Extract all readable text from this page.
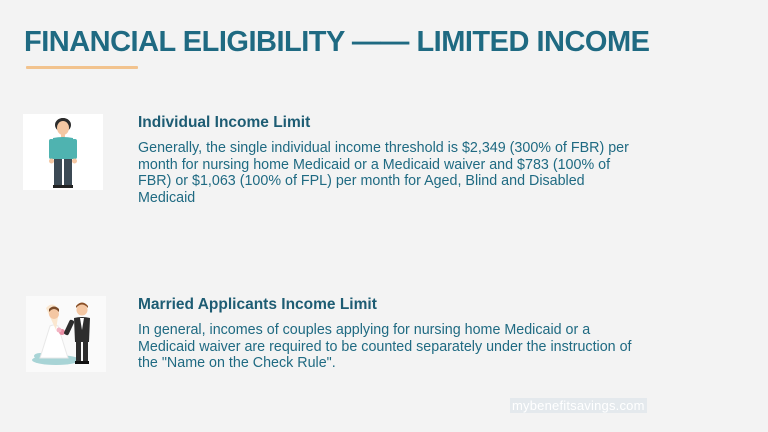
FINANCIAL ELIGIBILITY —— LIMITED INCOME
Individual Income Limit

Generally, the single individual income threshold is $2,349 (300% of FBR) per month for nursing home Medicaid or a Medicaid waiver and $783 (100% of FBR) or $1,063 (100% of FPL) per month for Aged, Blind and Disabled Medicaid

Married Applicants Income Limit

In general, incomes of couples applying for nursing home Medicaid or a Medicaid waiver are required to be counted separately under the instruction of the "Name on the Check Rule".

mybenefitsavings.com
